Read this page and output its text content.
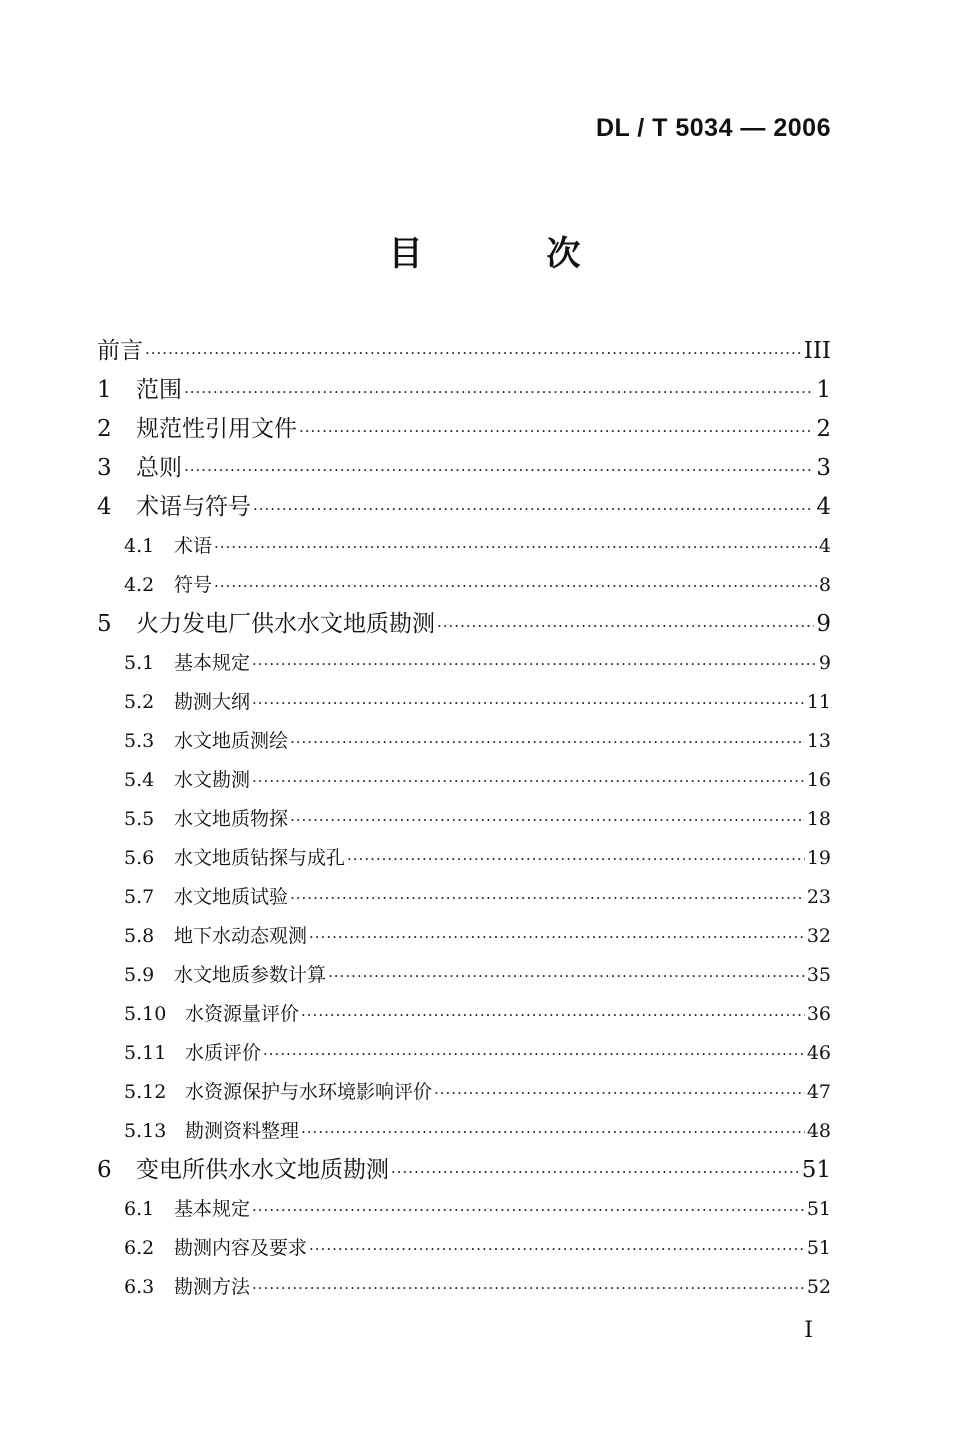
DL / T 5034 — 2006
目 次
前言 ·····	III
1	范围 ·····	1
2	规范性引用文件 ·····	2
3	总则 ·····	3
4	术语与符号 ·····	4
4.1	术语 ·····	4
4.2	符号 ·····	8
5	火力发电厂供水水文地质勘测 ·····	9
5.1	基本规定 ·····	9
5.2	勘测大纲 ·····	11
5.3	水文地质测绘 ·····	13
5.4	水文勘测 ·····	16
5.5	水文地质物探 ·····	18
5.6	水文地质钻探与成孔 ·····	19
5.7	水文地质试验 ·····	23
5.8	地下水动态观测 ·····	32
5.9	水文地质参数计算 ·····	35
5.10 水资源量评价 ·····	36
5.11 水质评价 ·····	46
5.12 水资源保护与水环境影响评价 ·····	47
5.13 勘测资料整理 ·····	48
6	变电所供水水文地质勘测 ·····	51
6.1	基本规定 ·····	51
6.2	勘测内容及要求 ·····	51
6.3	勘测方法 ·····	52
I
